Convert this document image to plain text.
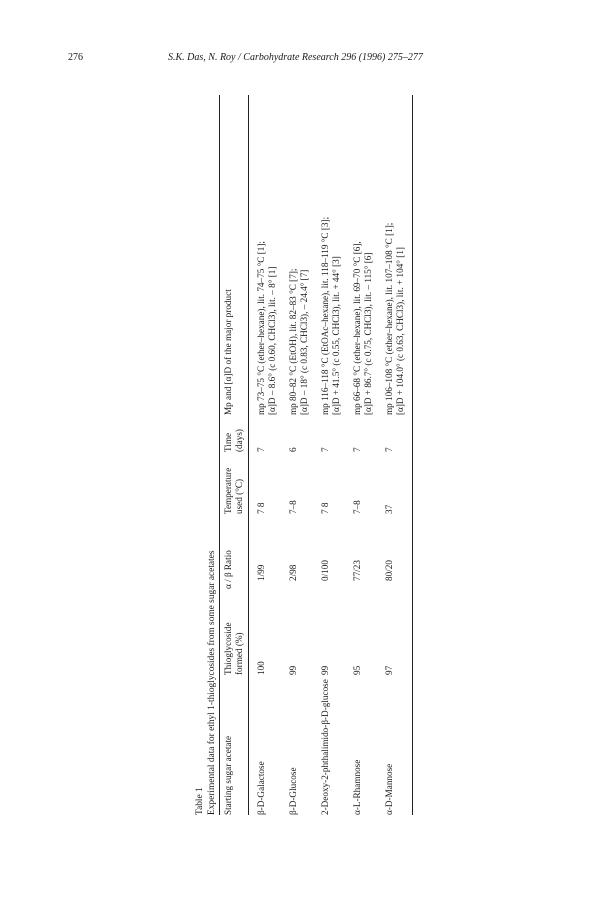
276	S.K. Das, N. Roy / Carbohydrate Research 296 (1996) 275–277
Table 1 Experimental data for ethyl 1-thioglycosides from some sugar acetates Starting sugar acetate	Thioglycoside formed (%)	α / β Ratio	Temperature used (°C)	Time (days)	Mp and [α]D of the major product

β-D-Galactose	100	1/99	7 8	7	mp 73–75 °C (ether–hexane), lit. 74–75 °C [1]; [α]D – 8.6° (c 0.60, CHCl3), lit. – 8° [1]

β-D-Glucose	99	2/98	7–8	6	mp 80–82 °C (EtOH), lit. 82–83 °C [7]; [α]D – 18° (c 0.83, CHCl3), – 24.4° [7]

2-Deoxy-2-phthalimido-β-D-glucose	99	0/100	7 8	7	mp 116–118 °C (EtOAc–hexane), lit. 118–119 °C [3]; [α]D + 41.5° (c 0.55, CHCl3), lit. + 44° [3]

α-L-Rhamnose	95	77/23	7–8	7	mp 66–68 °C (ether–hexane), lit. 69–70 °C [6], [α]D + 86.7° (c 0.75, CHCl3), lit. – 115° [6]

α-D-Mannose	97	80/20	37	7	mp 106–108 °C (ether–hexane), lit. 107–108 °C [1]; [α]D + 104.0° (c 0.63, CHCl3), lit. + 104° [1]
